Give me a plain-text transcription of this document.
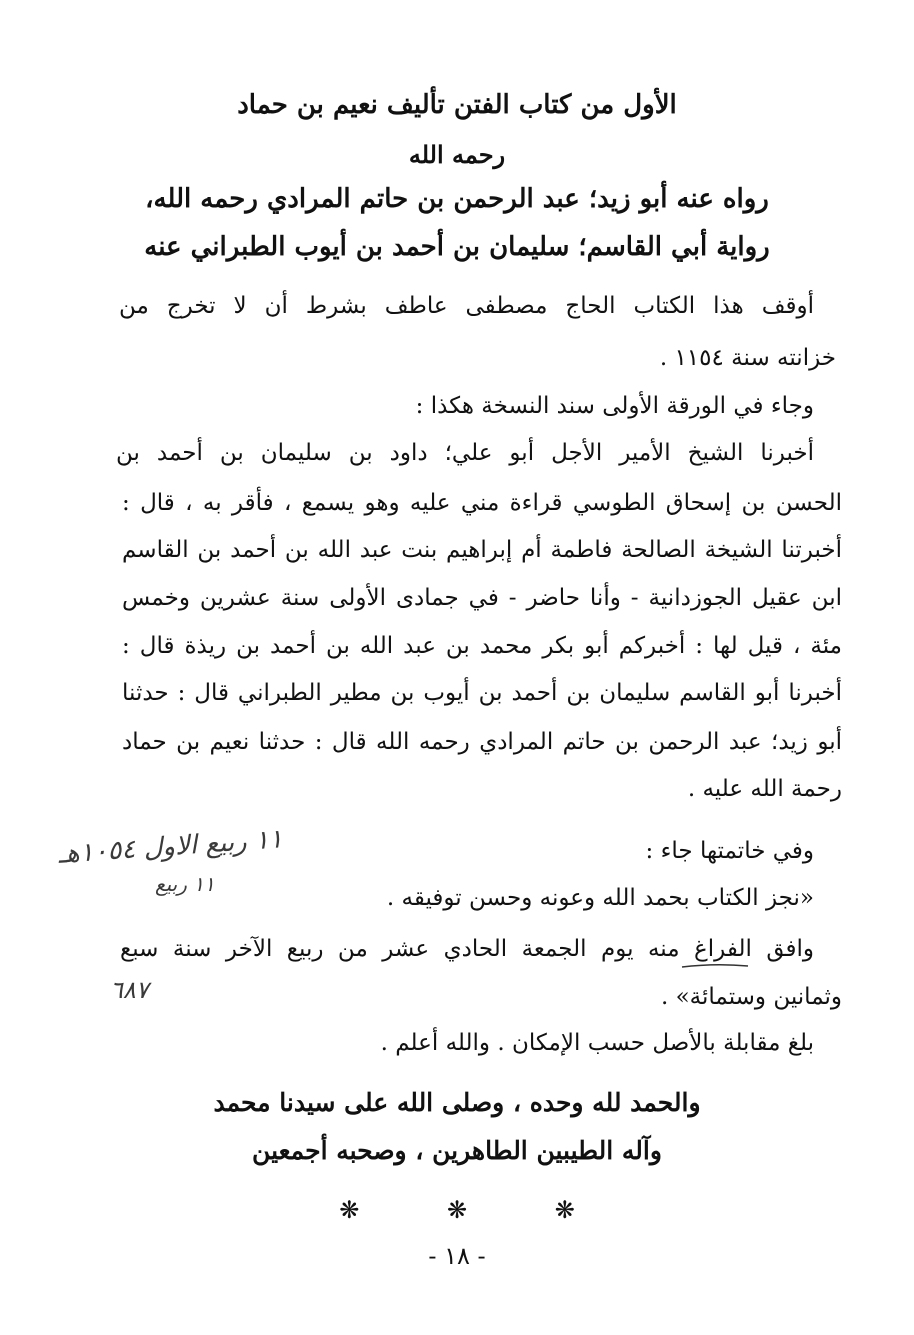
الأول من كتاب الفتن تأليف نعيم بن حماد
رحمه الله
رواه عنه أبو زيد؛ عبد الرحمن بن حاتم المرادي رحمه الله،
رواية أبي القاسم؛ سليمان بن أحمد بن أيوب الطبراني عنه
أوقف هذا الكتاب الحاج مصطفى عاطف بشرط أن لا تخرج من
خزانته سنة ١١٥٤ .
وجاء في الورقة الأولى سند النسخة هكذا :
أخبرنا الشيخ الأمير الأجل أبو علي؛ داود بن سليمان بن أحمد بن
الحسن بن إسحاق الطوسي قراءة مني عليه وهو يسمع ، فأقر به ، قال :
أخبرتنا الشيخة الصالحة فاطمة أم إبراهيم بنت عبد الله بن أحمد بن القاسم
ابن عقيل الجوزدانية - وأنا حاضر - في جمادى الأولى سنة عشرين وخمس
مئة ، قيل لها : أخبركم أبو بكر محمد بن عبد الله بن أحمد بن ريذة قال :
أخبرنا أبو القاسم سليمان بن أحمد بن أيوب بن مطير الطبراني قال : حدثنا
أبو زيد؛ عبد الرحمن بن حاتم المرادي رحمه الله قال : حدثنا نعيم بن حماد
رحمة الله عليه .
وفي خاتمتها جاء :
«نجز الكتاب بحمد الله وعونه وحسن توفيقه .
وافق الفراغ منه يوم الجمعة الحادي عشر من ربيع الآخر سنة سبع
وثمانين وستمائة» .
بلغ مقابلة بالأصل حسب الإمكان . والله أعلم .
١١ ربيع الاول ١٠٥٤هـ
١١ ربيع
٦٨٧
والحمد لله وحده ، وصلى الله على سيدنا محمد
وآله الطيبين الطاهرين ، وصحبه أجمعين
❋	❋	❋
- ١٨ -
